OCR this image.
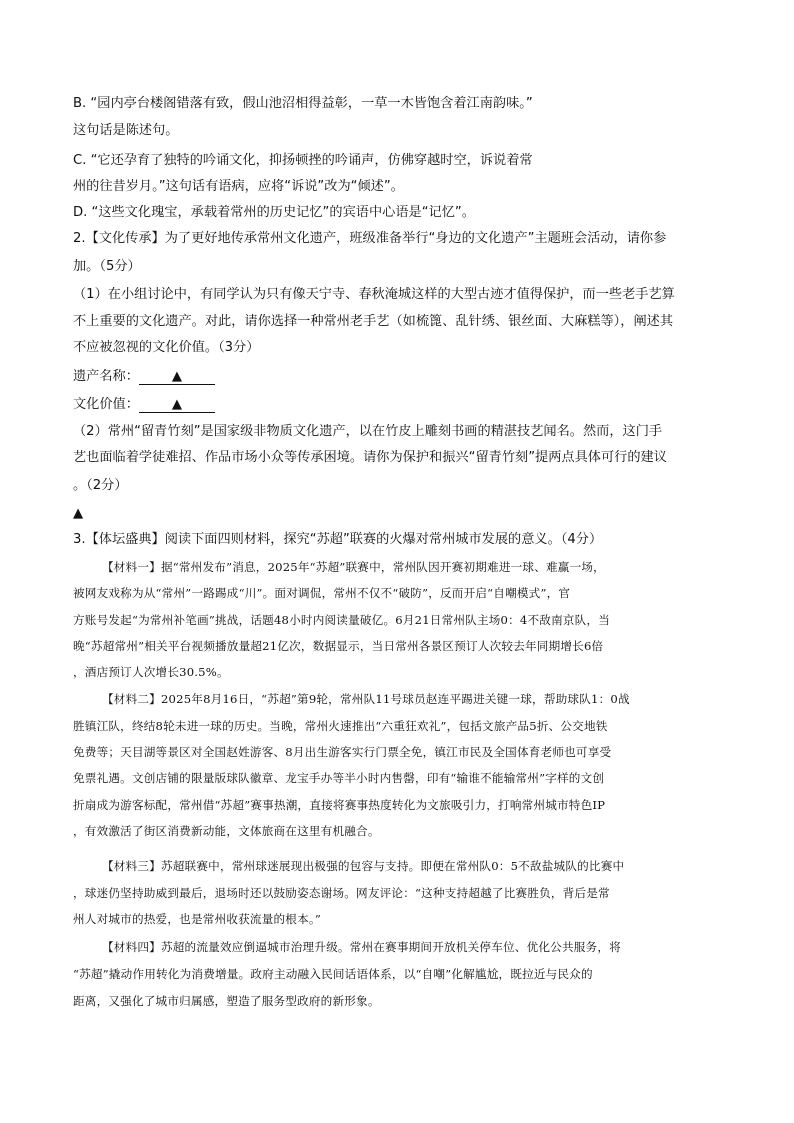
B. “园内亭台楼阁错落有致，假山池沼相得益彰，一草一木皆饱含着江南韵味。”

这句话是陈述句。

C. “它还孕育了独特的吟诵文化，抑扬顿挫的吟诵声，仿佛穿越时空，诉说着常

州的往昔岁月。”这句话有语病，应将“诉说”改为“倾述”。

D. “这些文化瑰宝，承载着常州的历史记忆”的宾语中心语是“记忆”。

2.【文化传承】为了更好地传承常州文化遗产，班级准备举行“身边的文化遗产”主题班会活动，请你参

加。（5分）

（1）在小组讨论中，有同学认为只有像天宁寺、春秋淹城这样的大型古迹才值得保护，而一些老手艺算

不上重要的文化遗产。对此，请你选择一种常州老手艺（如梳篦、乱针绣、银丝面、大麻糕等），阐述其

不应被忽视的文化价值。（3分）

遗产名称： ▲

文化价值： ▲

（2）常州“留青竹刻”是国家级非物质文化遗产，以在竹皮上雕刻书画的精湛技艺闻名。然而，这门手

艺也面临着学徒难招、作品市场小众等传承困境。请你为保护和振兴“留青竹刻”提两点具体可行的建议

。（2分）

▲

3.【体坛盛典】阅读下面四则材料，探究“苏超”联赛的火爆对常州城市发展的意义。（4分）

【材料一】据“常州发布”消息，2025年“苏超”联赛中，常州队因开赛初期难进一球、难赢一场，

被网友戏称为从“常州”一路踢成“川”。面对调侃，常州不仅不“破防”，反而开启“自嘲模式”，官

方账号发起“为常州补笔画”挑战，话题48小时内阅读量破亿。6月21日常州队主场0：4不敌南京队，当

晚“苏超常州”相关平台视频播放量超21亿次，数据显示，当日常州各景区预订人次较去年同期增长6倍

，酒店预订人次增长30.5%。

【材料二】2025年8月16日，“苏超”第9轮，常州队11号球员赵连平踢进关键一球，帮助球队1：0战

胜镇江队，终结8轮未进一球的历史。当晚，常州火速推出“六重狂欢礼”，包括文旅产品5折、公交地铁

免费等；天目湖等景区对全国赵姓游客、8月出生游客实行门票全免，镇江市民及全国体育老师也可享受

免票礼遇。文创店铺的限量版球队徽章、龙宝手办等半小时内售罄，印有“输谁不能输常州”字样的文创

折扇成为游客标配，常州借“苏超”赛事热潮，直接将赛事热度转化为文旅吸引力，打响常州城市特色IP

，有效激活了街区消费新动能，文体旅商在这里有机融合。

【材料三】苏超联赛中，常州球迷展现出极强的包容与支持。即便在常州队0：5不敌盐城队的比赛中

，球迷仍坚持助威到最后，退场时还以鼓励姿态谢场。网友评论：“这种支持超越了比赛胜负，背后是常

州人对城市的热爱，也是常州收获流量的根本。”

【材料四】苏超的流量效应倒逼城市治理升级。常州在赛事期间开放机关停车位、优化公共服务，将

“苏超”撬动作用转化为消费增量。政府主动融入民间话语体系，以“自嘲”化解尴尬，既拉近与民众的

距离，又强化了城市归属感，塑造了服务型政府的新形象。
